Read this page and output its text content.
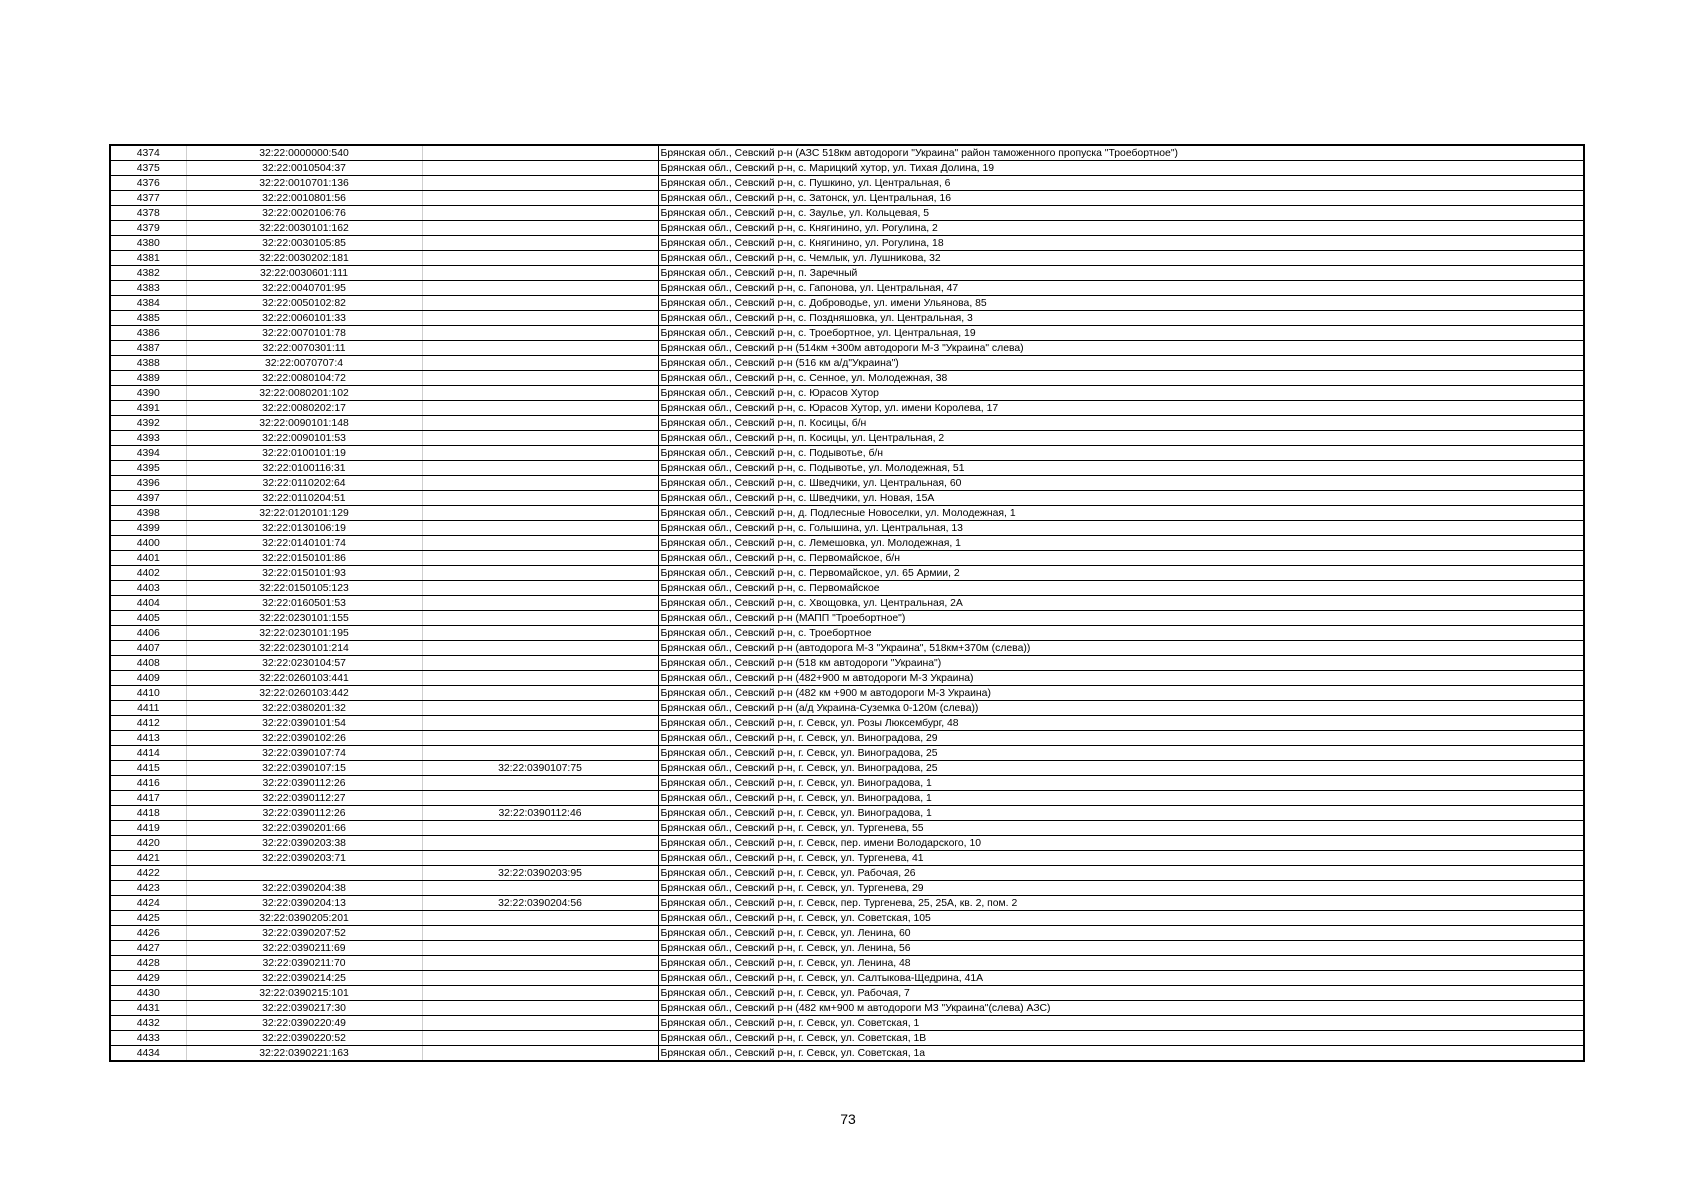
4374	32:22:0000000:540		Брянская обл., Севский р-н (АЗС 518км автодороги "Украина" район таможенного пропуска "Троебортное")
4375	32:22:0010504:37		Брянская обл., Севский р-н, с. Марицкий хутор, ул. Тихая Долина, 19
4376	32:22:0010701:136		Брянская обл., Севский р-н, с. Пушкино, ул. Центральная, 6
4377	32:22:0010801:56		Брянская обл., Севский р-н, с. Затонск, ул. Центральная, 16
4378	32:22:0020106:76		Брянская обл., Севский р-н, с. Заулье, ул. Кольцевая, 5
4379	32:22:0030101:162		Брянская обл., Севский р-н, с. Княгинино, ул. Рогулина, 2
4380	32:22:0030105:85		Брянская обл., Севский р-н, с. Княгинино, ул. Рогулина, 18
4381	32:22:0030202:181		Брянская обл., Севский р-н, с. Чемлык, ул. Лушникова, 32
4382	32:22:0030601:111		Брянская обл., Севский р-н, п. Заречный
4383	32:22:0040701:95		Брянская обл., Севский р-н, с. Гапонова, ул. Центральная, 47
4384	32:22:0050102:82		Брянская обл., Севский р-н, с. Доброводье, ул. имени Ульянова, 85
4385	32:22:0060101:33		Брянская обл., Севский р-н, с. Поздняшовка, ул. Центральная, 3
4386	32:22:0070101:78		Брянская обл., Севский р-н, с. Троебортное, ул. Центральная, 19
4387	32:22:0070301:11		Брянская обл., Севский р-н (514км +300м автодороги М-3 "Украина" слева)
4388	32:22:0070707:4		Брянская обл., Севский р-н (516 км а/д"Украина")
4389	32:22:0080104:72		Брянская обл., Севский р-н, с. Сенное, ул. Молодежная, 38
4390	32:22:0080201:102		Брянская обл., Севский р-н, с. Юрасов Хутор
4391	32:22:0080202:17		Брянская обл., Севский р-н, с. Юрасов Хутор, ул. имени Королева, 17
4392	32:22:0090101:148		Брянская обл., Севский р-н, п. Косицы, б/н
4393	32:22:0090101:53		Брянская обл., Севский р-н, п. Косицы, ул. Центральная, 2
4394	32:22:0100101:19		Брянская обл., Севский р-н, с. Подывотье, б/н
4395	32:22:0100116:31		Брянская обл., Севский р-н, с. Подывотье, ул. Молодежная, 51
4396	32:22:0110202:64		Брянская обл., Севский р-н, с. Шведчики, ул. Центральная, 60
4397	32:22:0110204:51		Брянская обл., Севский р-н, с. Шведчики, ул. Новая, 15А
4398	32:22:0120101:129		Брянская обл., Севский р-н, д. Подлесные Новоселки, ул. Молодежная, 1
4399	32:22:0130106:19		Брянская обл., Севский р-н, с. Голышина, ул. Центральная, 13
4400	32:22:0140101:74		Брянская обл., Севский р-н, с. Лемешовка, ул. Молодежная, 1
4401	32:22:0150101:86		Брянская обл., Севский р-н, с. Первомайское, б/н
4402	32:22:0150101:93		Брянская обл., Севский р-н, с. Первомайское, ул. 65 Армии, 2
4403	32:22:0150105:123		Брянская обл., Севский р-н, с. Первомайское
4404	32:22:0160501:53		Брянская обл., Севский р-н, с. Хвощовка, ул. Центральная, 2А
4405	32:22:0230101:155		Брянская обл., Севский р-н (МАПП "Троебортное")
4406	32:22:0230101:195		Брянская обл., Севский р-н, с. Троебортное
4407	32:22:0230101:214		Брянская обл., Севский р-н (автодорога М-3 "Украина", 518км+370м (слева))
4408	32:22:0230104:57		Брянская обл., Севский р-н (518 км автодороги "Украина")
4409	32:22:0260103:441		Брянская обл., Севский р-н (482+900 м автодороги М-3 Украина)
4410	32:22:0260103:442		Брянская обл., Севский р-н (482 км +900 м автодороги М-3 Украина)
4411	32:22:0380201:32		Брянская обл., Севский р-н (а/д Украина-Суземка 0-120м (слева))
4412	32:22:0390101:54		Брянская обл., Севский р-н, г. Севск, ул. Розы Люксембург, 48
4413	32:22:0390102:26		Брянская обл., Севский р-н, г. Севск, ул. Виноградова, 29
4414	32:22:0390107:74		Брянская обл., Севский р-н, г. Севск, ул. Виноградова, 25
4415	32:22:0390107:15	32:22:0390107:75	Брянская обл., Севский р-н, г. Севск, ул. Виноградова, 25
4416	32:22:0390112:26		Брянская обл., Севский р-н, г. Севск, ул. Виноградова, 1
4417	32:22:0390112:27		Брянская обл., Севский р-н, г. Севск, ул. Виноградова, 1
4418	32:22:0390112:26	32:22:0390112:46	Брянская обл., Севский р-н, г. Севск, ул. Виноградова, 1
4419	32:22:0390201:66		Брянская обл., Севский р-н, г. Севск, ул. Тургенева, 55
4420	32:22:0390203:38		Брянская обл., Севский р-н, г. Севск, пер. имени Володарского, 10
4421	32:22:0390203:71		Брянская обл., Севский р-н, г. Севск, ул. Тургенева, 41
4422		32:22:0390203:95	Брянская обл., Севский р-н, г. Севск, ул. Рабочая, 26
4423	32:22:0390204:38		Брянская обл., Севский р-н, г. Севск, ул. Тургенева, 29
4424	32:22:0390204:13	32:22:0390204:56	Брянская обл., Севский р-н, г. Севск, пер. Тургенева, 25, 25А, кв. 2, пом. 2
4425	32:22:0390205:201		Брянская обл., Севский р-н, г. Севск, ул. Советская, 105
4426	32:22:0390207:52		Брянская обл., Севский р-н, г. Севск, ул. Ленина, 60
4427	32:22:0390211:69		Брянская обл., Севский р-н, г. Севск, ул. Ленина, 56
4428	32:22:0390211:70		Брянская обл., Севский р-н, г. Севск, ул. Ленина, 48
4429	32:22:0390214:25		Брянская обл., Севский р-н, г. Севск, ул. Салтыкова-Щедрина, 41А
4430	32:22:0390215:101		Брянская обл., Севский р-н, г. Севск, ул. Рабочая, 7
4431	32:22:0390217:30		Брянская обл., Севский р-н (482 км+900 м автодороги М3 "Украина"(слева) АЗС)
4432	32:22:0390220:49		Брянская обл., Севский р-н, г. Севск, ул. Советская, 1
4433	32:22:0390220:52		Брянская обл., Севский р-н, г. Севск, ул. Советская, 1В
4434	32:22:0390221:163		Брянская обл., Севский р-н, г. Севск, ул. Советская, 1а
73
